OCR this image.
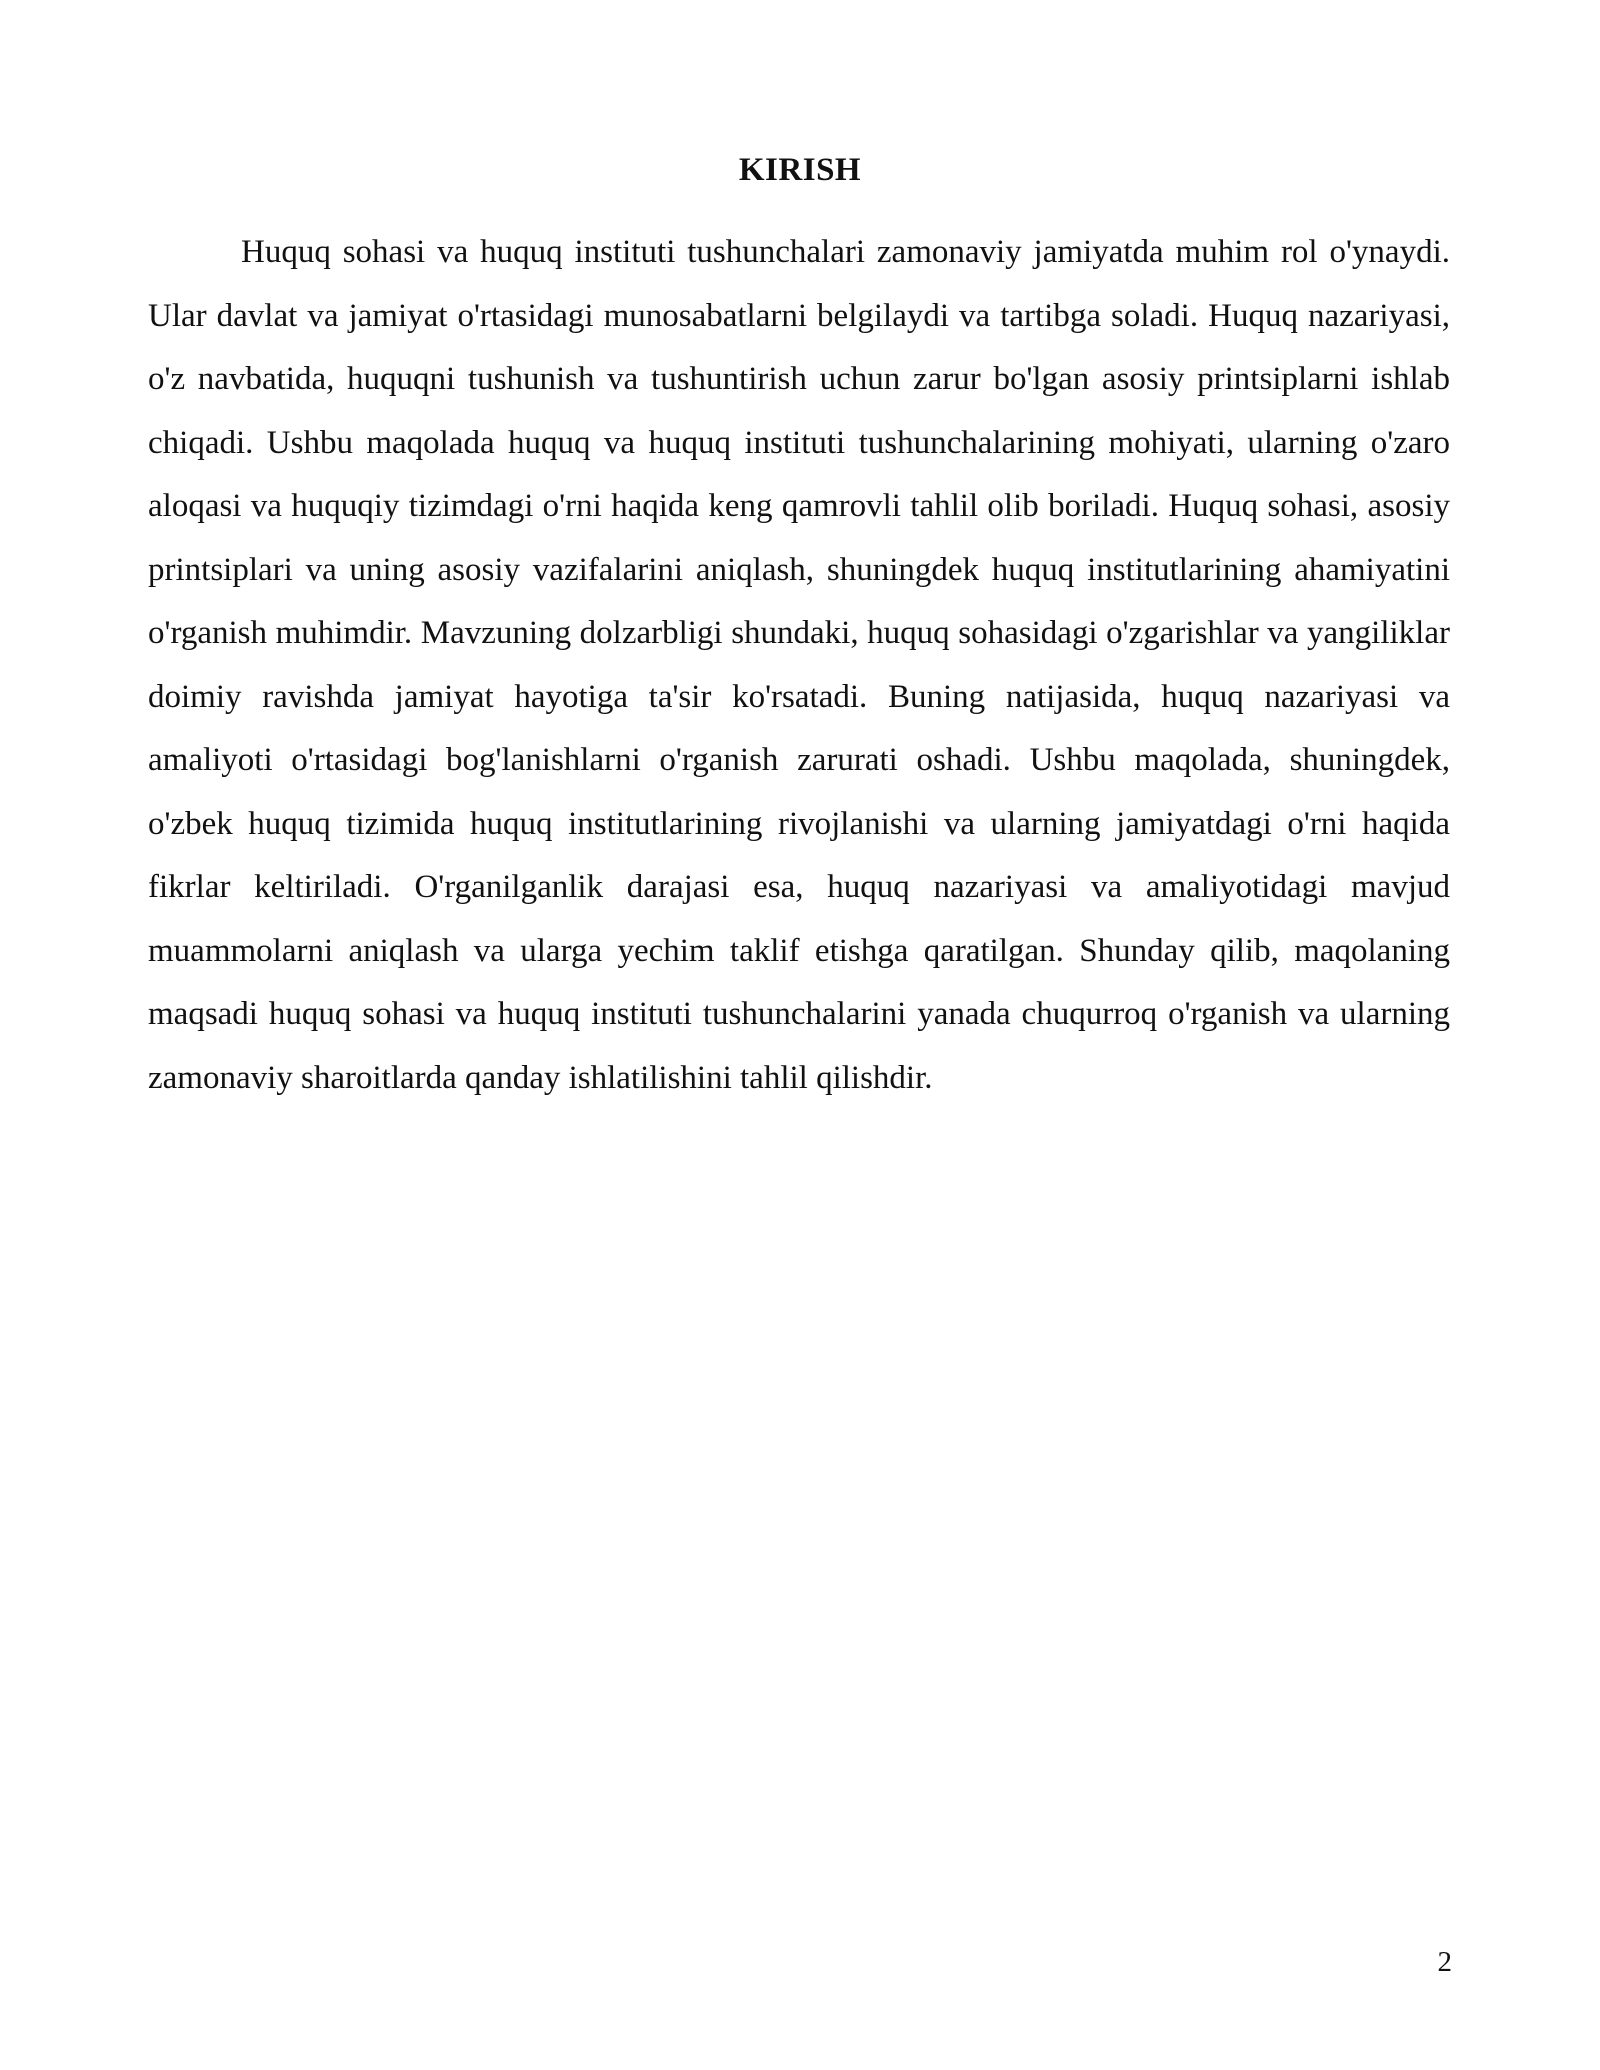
KIRISH

Huquq sohasi va huquq instituti tushunchalari zamonaviy jamiyatda muhim rol o'ynaydi. Ular davlat va jamiyat o'rtasidagi munosabatlarni belgilaydi va tartibga soladi. Huquq nazariyasi, o'z navbatida, huquqni tushunish va tushuntirish uchun zarur bo'lgan asosiy printsiplarni ishlab chiqadi. Ushbu maqolada huquq va huquq instituti tushunchalarining mohiyati, ularning o'zaro aloqasi va huquqiy tizimdagi o'rni haqida keng qamrovli tahlil olib boriladi. Huquq sohasi, asosiy printsiplari va uning asosiy vazifalarini aniqlash, shuningdek huquq institutlarining ahamiyatini o'rganish muhimdir. Mavzuning dolzarbligi shundaki, huquq sohasidagi o'zgarishlar va yangiliklar doimiy ravishda jamiyat hayotiga ta'sir ko'rsatadi. Buning natijasida, huquq nazariyasi va amaliyoti o'rtasidagi bog'lanishlarni o'rganish zarurati oshadi. Ushbu maqolada, shuningdek, o'zbek huquq tizimida huquq institutlarining rivojlanishi va ularning jamiyatdagi o'rni haqida fikrlar keltiriladi. O'rganilganlik darajasi esa, huquq nazariyasi va amaliyotidagi mavjud muammolarni aniqlash va ularga yechim taklif etishga qaratilgan. Shunday qilib, maqolaning maqsadi huquq sohasi va huquq instituti tushunchalarini yanada chuqurroq o'rganish va ularning zamonaviy sharoitlarda qanday ishlatilishini tahlil qilishdir.

2
